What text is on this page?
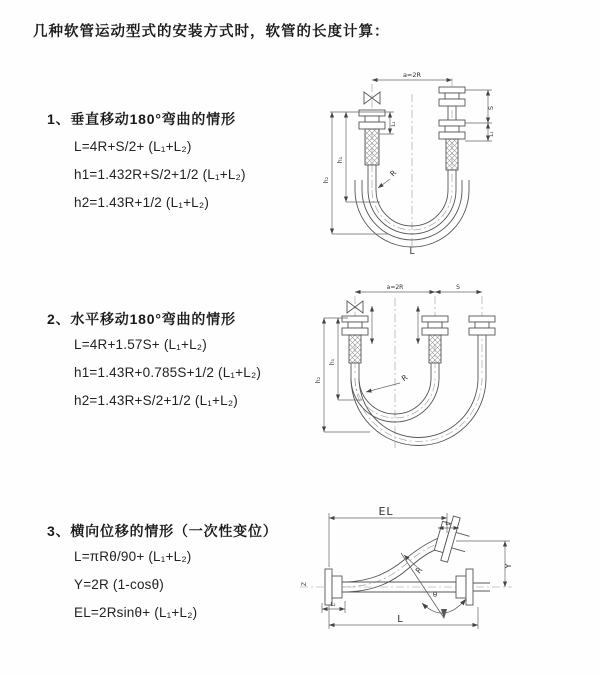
几种软管运动型式的安装方式时，软管的长度计算：
1、垂直移动180°弯曲的情形
L=4R+S/2+ (L₁+L₂)
h1=1.432R+S/2+1/2 (L₁+L₂)
h2=1.43R+1/2 (L₁+L₂)
2、水平移动180°弯曲的情形
L=4R+1.57S+ (L₁+L₂)
h1=1.43R+0.785S+1/2 (L₁+L₂)
h2=1.43R+S/2+1/2 (L₁+L₂)
3、横向位移的情形（一次性变位）
L=πRθ/90+ (L₁+L₂)
Y=2R (1-cosθ)
EL=2Rsinθ+ (L₁+L₂)
a=2R
S
L₁
L₁
h₁
h₂
R
L
a=2R	S
h₁
h₂	R
EL
L₁
Y
L
L₂
θ
R
Z
